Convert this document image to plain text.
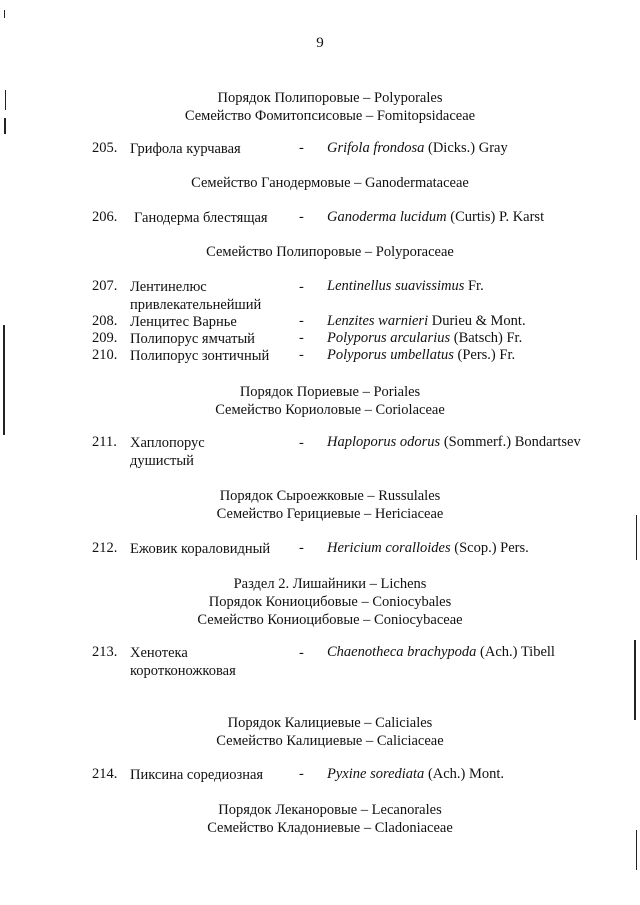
9
Порядок Полипоровые – Polyporales
Семейство Фомитопсисовые – Fomitopsidaceae
Семейство Ганодермовые – Ganodermataceae
Семейство Полипоровые – Polyporaceae
Порядок Пориевые – Poriales
Семейство Кориоловые – Coriolaceae
Порядок Сыроежковые – Russulales
Семейство Герициевые – Hericiaceae
Раздел 2. Лишайники – Lichens
Порядок Кониоцибовые – Coniocybales
Семейство Кониоцибовые – Coniocybaceae
Порядок Калициевые – Caliciales
Семейство Калициевые – Caliciaceae
Порядок Леканоровые – Lecanorales
Семейство Кладониевые – Cladoniaceae
205. Грифола курчавая	- Grifola frondosa (Dicks.) Gray
206. Ганодерма блестящая - Ganoderma lucidum (Curtis) P. Karst
207. Лентинелюс
привлекательнейший
- Lentinellus suavissimus Fr.
208. Ленцитес Варнье	- Lenzites warnieri Durieu & Mont.
209. Полипорус ямчатый	- Polyporus arcularius (Batsch) Fr.
210. Полипорус зонтичный - Polyporus umbellatus (Pers.) Fr.
211. Хаплопорус
душистый
- Haploporus odorus (Sommerf.) Bondartsev
212. Ежовик кораловидный - Hericium coralloides (Scop.) Pers.
213. Хенотека
коротконожковая
- Chaenotheca brachypoda (Ach.) Tibell
214. Пиксина соредиозная - Pyxine sorediata (Ach.) Mont.
